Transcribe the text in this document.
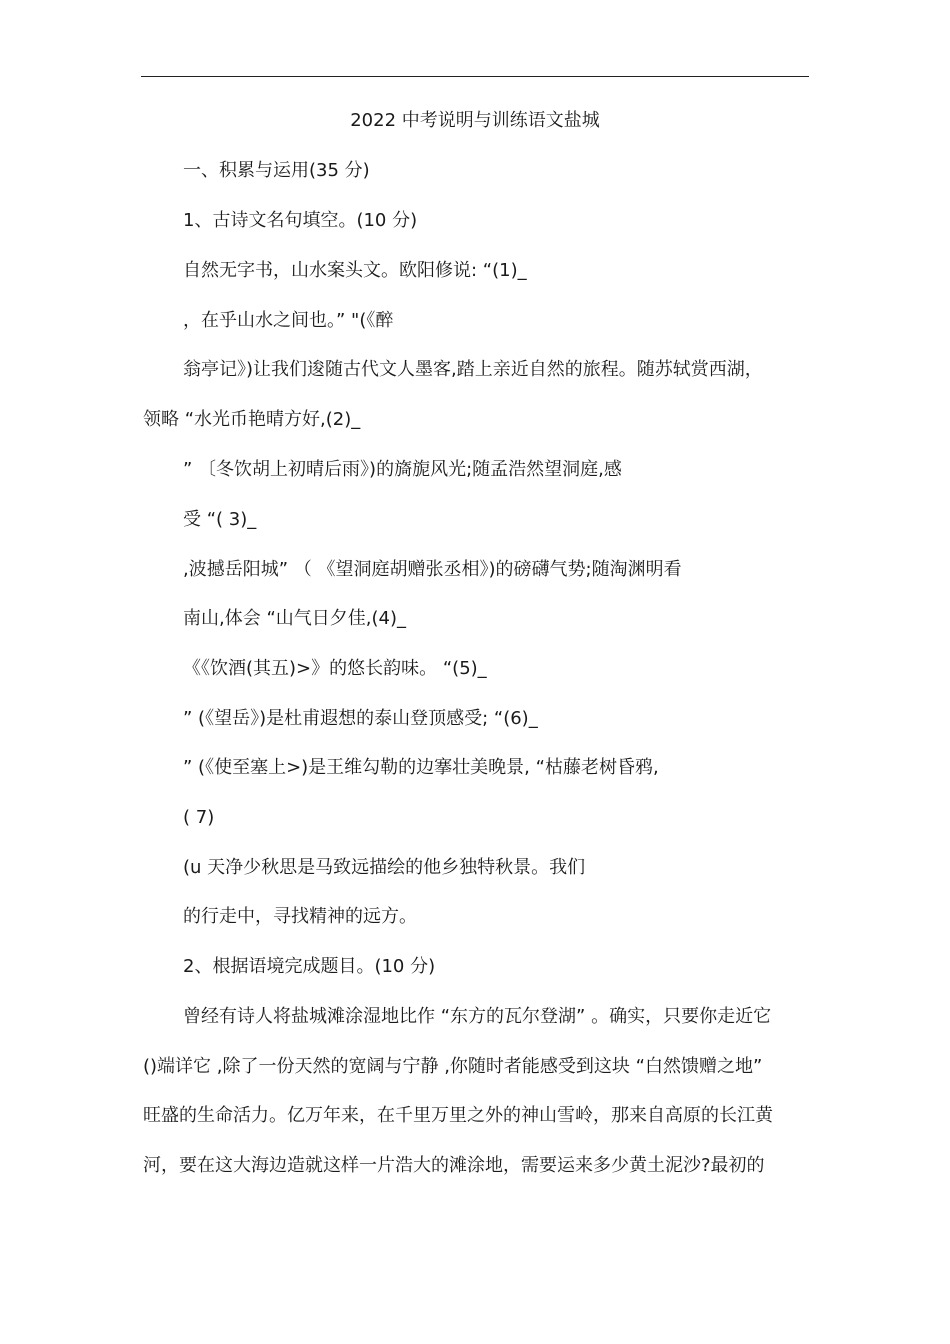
2022 中考说明与训练语文盐城
一、积累与运用(35 分)
1、古诗文名句填空。(10 分)
自然无字书，山水案头文。欧阳修说: “(1)_
，在乎山水之间也。” "(《醉
翁亭记》)让我们逡随古代文人墨客,踏上亲近自然的旅程。随苏轼赏西湖，
领略 “水光币艳晴方好,(2)_
” 〔冬饮胡上初晴后雨》)的旖旎风光;随孟浩然望洞庭,感
受 “( 3)_
,波撼岳阳城” （ 《望洞庭胡赠张丞相》)的磅礴气势;随淘渊明看
南山,体会 “山气日夕佳,(4)_
《《饮酒(其五)>》的悠长韵味。 “(5)_
” (《望岳》)是杜甫遐想的泰山登顶感受; “(6)_
” (《使至塞上>)是王维勾勒的边搴壮美晚景, “枯藤老树昏鸦,
( 7)
(u 天净少秋思是马致远描绘的他乡独特秋景。我们
的行走中，寻找精神的远方。
2、根据语境完成题目。(10 分)
曾经有诗人将盐城滩涂湿地比作 “东方的瓦尔登湖” 。确实，只要你走近它
()端详它 ,除了一份天然的宽阔与宁静 ,你随时者能感受到这块 “白然馈赠之地”
旺盛的生命活力。亿万年来，在千里万里之外的神山雪岭，那来自高原的长江黄
河，要在这大海边造就这样一片浩大的滩涂地，需要运来多少黄土泥沙?最初的
